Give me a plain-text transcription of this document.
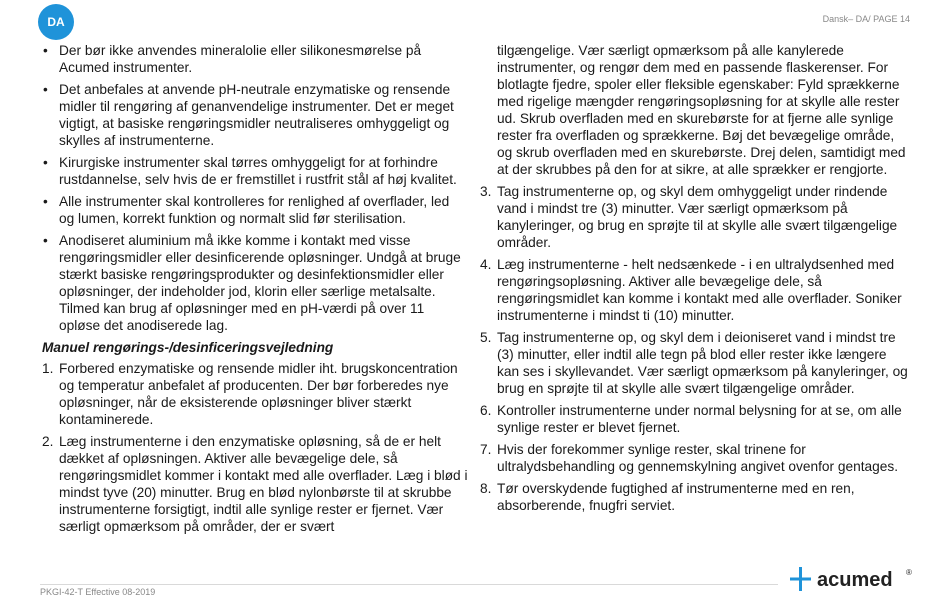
DA	Dansk– DA/ PAGE 14
• Der bør ikke anvendes mineralolie eller silikonesmørelse på Acumed instrumenter.
• Det anbefales at anvende pH-neutrale enzymatiske og rensende midler til rengøring af genanvendelige instrumenter. Det er meget vigtigt, at basiske rengøringsmidler neutraliseres omhyggeligt og skylles af instrumenterne.
• Kirurgiske instrumenter skal tørres omhyggeligt for at forhindre rustdannelse, selv hvis de er fremstillet i rustfrit stål af høj kvalitet.
• Alle instrumenter skal kontrolleres for renlighed af overflader, led og lumen, korrekt funktion og normalt slid før sterilisation.
• Anodiseret aluminium må ikke komme i kontakt med visse rengøringsmidler eller desinficerende opløsninger. Undgå at bruge stærkt basiske rengøringsprodukter og desinfektionsmidler eller opløsninger, der indeholder jod, klorin eller særlige metalsalte. Tilmed kan brug af opløsninger med en pH-værdi på over 11 opløse det anodiserede lag.
Manuel rengørings-/desinficeringsvejledning
1. Forbered enzymatiske og rensende midler iht. brugskoncentration og temperatur anbefalet af producenten. Der bør forberedes nye opløsninger, når de eksisterende opløsninger bliver stærkt kontaminerede.
2. Læg instrumenterne i den enzymatiske opløsning, så de er helt dækket af opløsningen. Aktiver alle bevægelige dele, så rengøringsmidlet kommer i kontakt med alle overflader. Læg i blød i mindst tyve (20) minutter. Brug en blød nylonbørste til at skrubbe instrumenterne forsigtigt, indtil alle synlige rester er fjernet. Vær særligt opmærksom på områder, der er svært
tilgængelige. Vær særligt opmærksom på alle kanylerede instrumenter, og rengør dem med en passende flaskerenser. For blotlagte fjedre, spoler eller fleksible egenskaber: Fyld sprækkerne med rigelige mængder rengøringsopløsning for at skylle alle rester ud. Skrub overfladen med en skurebørste for at fjerne alle synlige rester fra overfladen og sprækkerne. Bøj det bevægelige område, og skrub overfladen med en skurebørste. Drej delen, samtidigt med at der skrubbes på den for at sikre, at alle sprækker er rengjorte.
3. Tag instrumenterne op, og skyl dem omhyggeligt under rindende vand i mindst tre (3) minutter. Vær særligt opmærksom på kanyleringer, og brug en sprøjte til at skylle alle svært tilgængelige områder.
4. Læg instrumenterne - helt nedsænkede - i en ultralydsenhed med rengøringsopløsning. Aktiver alle bevægelige dele, så rengøringsmidlet kan komme i kontakt med alle overflader. Soniker instrumenterne i mindst ti (10) minutter.
5. Tag instrumenterne op, og skyl dem i deioniseret vand i mindst tre (3) minutter, eller indtil alle tegn på blod eller rester ikke længere kan ses i skyllevandet. Vær særligt opmærksom på kanyleringer, og brug en sprøjte til at skylle alle svært tilgængelige områder.
6. Kontroller instrumenterne under normal belysning for at se, om alle synlige rester er blevet fjernet.
7. Hvis der forekommer synlige rester, skal trinene for ultralydsbehandling og gennemskylning angivet ovenfor gentages.
8. Tør overskydende fugtighed af instrumenterne med en ren, absorberende, fnugfri serviet.
PKGI-42-T Effective 08-2019
acumed ®
